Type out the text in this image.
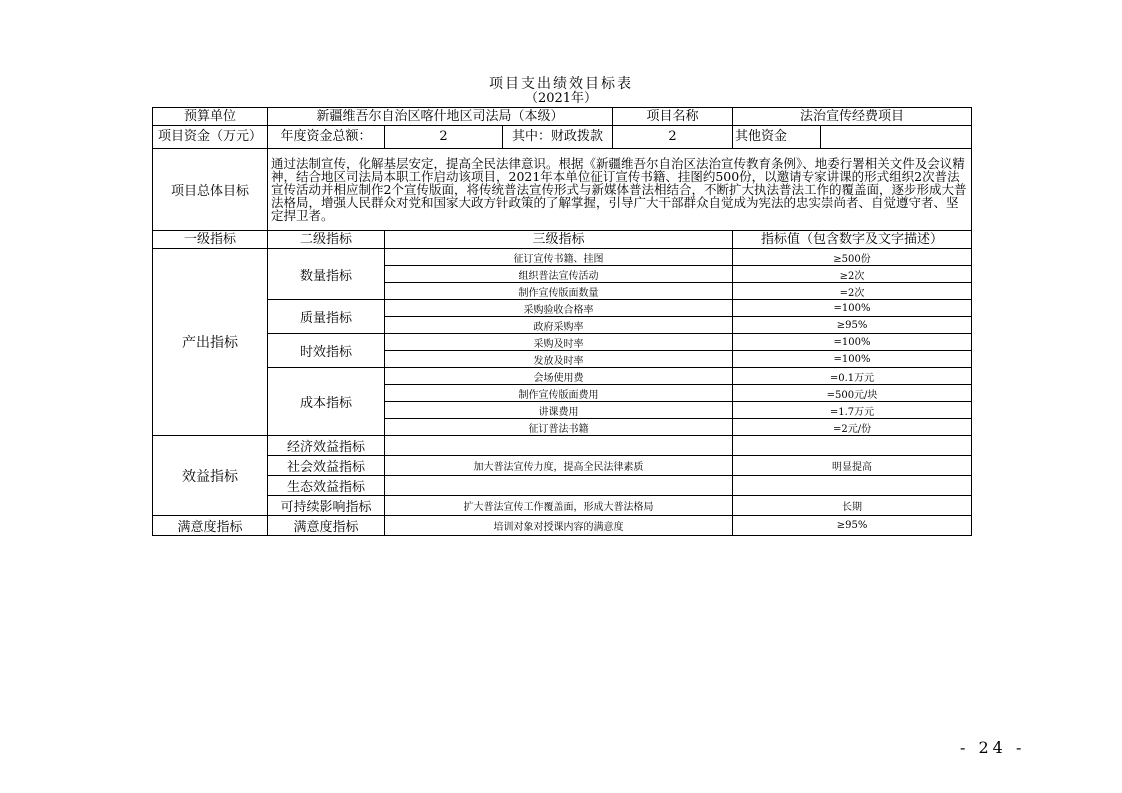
项目支出绩效目标表
（2021年）
预算单位	新疆维吾尔自治区喀什地区司法局（本级）			项目名称	法治宣传经费项目	
项目资金（万元）	年度资金总额：	2	其中：财政拨款	2	其他资金	
项目总体目标	通过法制宣传，化解基层安定，提高全民法律意识。根据《新疆维吾尔自治区法治宣传教育条例》、地委行署相关文件及会议精神，结合地区司法局本职工作启动该项目，2021年本单位征订宣传书籍、挂图约500份，以邀请专家讲课的形式组织2次普法宣传活动并相应制作2个宣传版面，将传统普法宣传形式与新媒体普法相结合，不断扩大执法普法工作的覆盖面，逐步形成大普法格局，增强人民群众对党和国家大政方针政策的了解掌握，引导广大干部群众自觉成为宪法的忠实崇尚者、自觉遵守者、坚定捍卫者。					
一级指标	二级指标	三级指标			指标值（包含数字及文字描述）	
产出指标	数量指标	征订宣传书籍、挂图			≥500份	
		组织普法宣传活动			≥2次	
		制作宣传版面数量			=2次	
	质量指标	采购验收合格率			=100%	
		政府采购率			≥95%	
	时效指标	采购及时率			=100%	
		发放及时率			=100%	
	成本指标	会场使用费			=0.1万元	
		制作宣传版面费用			=500元/块	
		讲课费用			=1.7万元	
		征订普法书籍			=2元/份	
效益指标	经济效益指标					
	社会效益指标	加大普法宣传力度，提高全民法律素质			明显提高	
	生态效益指标					
	可持续影响指标	扩大普法宣传工作覆盖面，形成大普法格局			长期	
满意度指标	满意度指标	培训对象对授课内容的满意度			≥95%	
- 24 -
